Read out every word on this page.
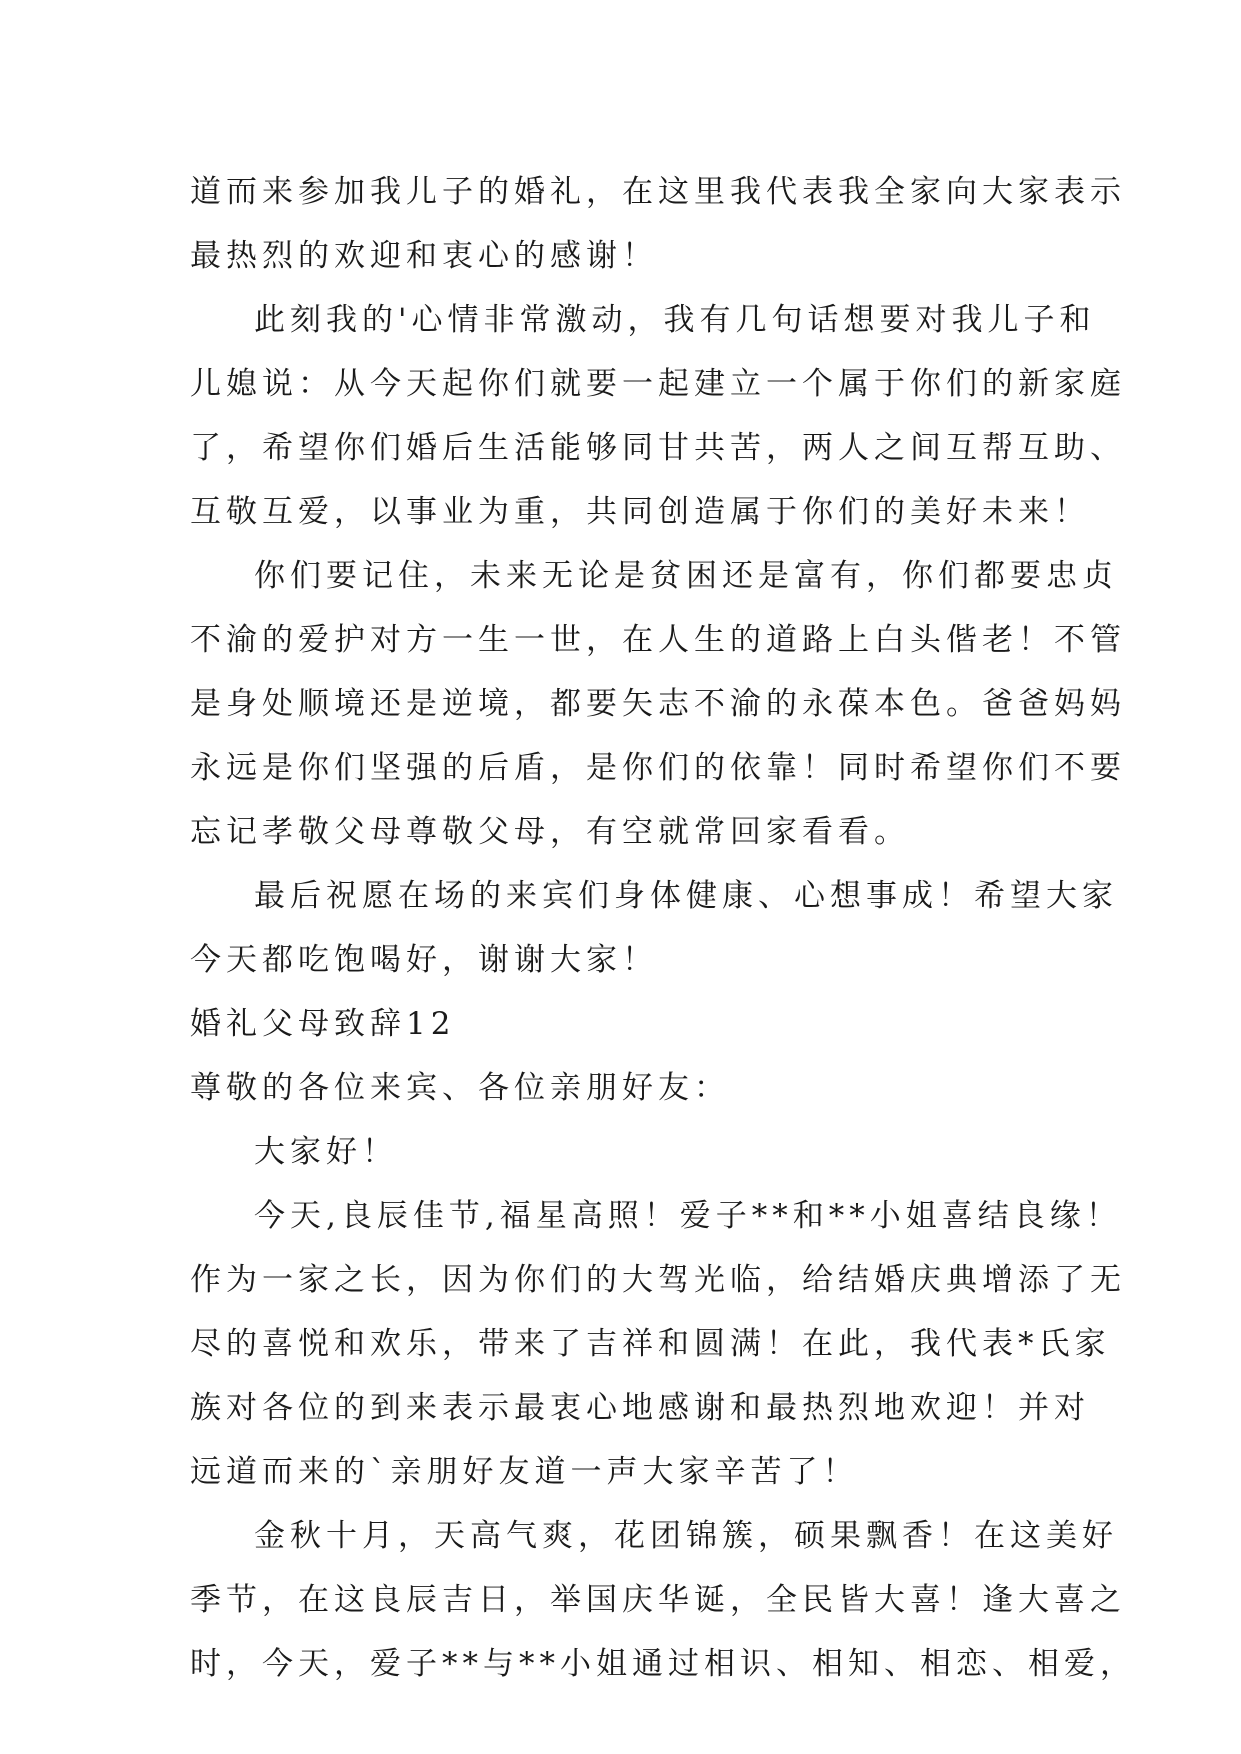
道而来参加我儿子的婚礼，在这里我代表我全家向大家表示
最热烈的欢迎和衷心的感谢！
此刻我的'心情非常激动，我有几句话想要对我儿子和
儿媳说：从今天起你们就要一起建立一个属于你们的新家庭
了，希望你们婚后生活能够同甘共苦，两人之间互帮互助、
互敬互爱，以事业为重，共同创造属于你们的美好未来！
你们要记住，未来无论是贫困还是富有，你们都要忠贞
不渝的爱护对方一生一世，在人生的道路上白头偕老！不管
是身处顺境还是逆境，都要矢志不渝的永葆本色。爸爸妈妈
永远是你们坚强的后盾，是你们的依靠！同时希望你们不要
忘记孝敬父母尊敬父母，有空就常回家看看。
最后祝愿在场的来宾们身体健康、心想事成！希望大家
今天都吃饱喝好，谢谢大家！
婚礼父母致辞12
尊敬的各位来宾、各位亲朋好友：
大家好！
今天,良辰佳节,福星高照！爱子**和**小姐喜结良缘！
作为一家之长，因为你们的大驾光临，给结婚庆典增添了无
尽的喜悦和欢乐，带来了吉祥和圆满！在此，我代表*氏家
族对各位的到来表示最衷心地感谢和最热烈地欢迎！并对
远道而来的`亲朋好友道一声大家辛苦了！
金秋十月，天高气爽，花团锦簇，硕果飘香！在这美好
季节，在这良辰吉日，举国庆华诞，全民皆大喜！逢大喜之
时，今天，爱子**与**小姐通过相识、相知、相恋、相爱，
